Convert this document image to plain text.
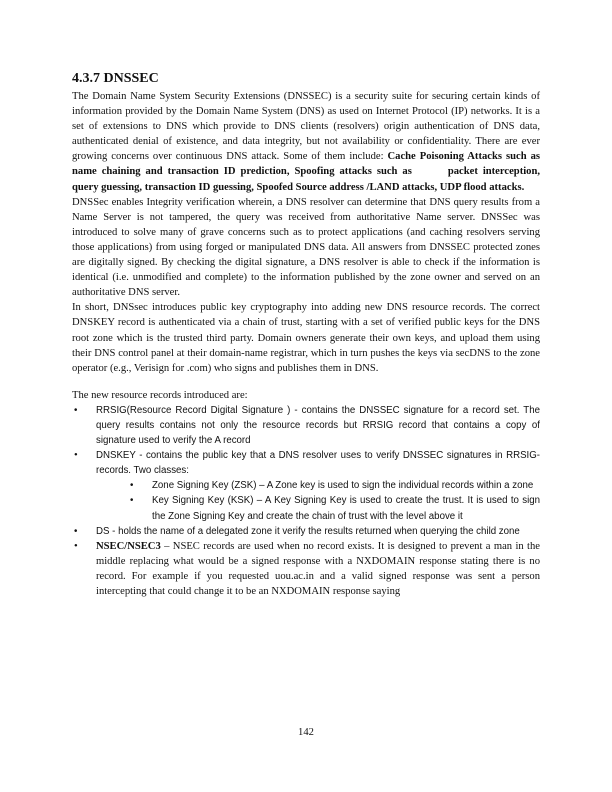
4.3.7 DNSSEC

The Domain Name System Security Extensions (DNSSEC) is a security suite for securing certain kinds of information provided by the Domain Name System (DNS) as used on Internet Protocol (IP) networks. It is a set of extensions to DNS which provide to DNS clients (resolvers) origin authentication of DNS data, authenticated denial of existence, and data integrity, but not availability or confidentiality. There are ever growing concerns over continuous DNS attack. Some of them include: Cache Poisoning Attacks such as name chaining and transaction ID prediction, Spoofing attacks such as	packet interception, query guessing, transaction ID guessing, Spoofed Source address /LAND attacks, UDP flood attacks.

DNSSec enables Integrity verification wherein, a DNS resolver can determine that DNS query results from a Name Server is not tampered, the query was received from authoritative Name server. DNSSec was introduced to solve many of grave concerns such as to protect applications (and caching resolvers serving those applications) from using forged or manipulated DNS data. All answers from DNSSEC protected zones are digitally signed. By checking the digital signature, a DNS resolver is able to check if the information is identical (i.e. unmodified and complete) to the information published by the zone owner and served on an authoritative DNS server.

In short, DNSsec introduces public key cryptography into adding new DNS resource records. The correct DNSKEY record is authenticated via a chain of trust, starting with a set of verified public keys for the DNS root zone which is the trusted third party. Domain owners generate their own keys, and upload them using their DNS control panel at their domain-name registrar, which in turn pushes the keys via secDNS to the zone operator (e.g., Verisign for .com) who signs and publishes them in DNS.

The new resource records introduced are:

• RRSIG(Resource Record Digital Signature ) - contains the DNSSEC signature for a record set. The query results contains not only the resource records but RRSIG record that contains a copy of signature used to verify the A record
• DNSKEY - contains the public key that a DNS resolver uses to verify DNSSEC signatures in RRSIG-records. Two classes:
• Zone Signing Key (ZSK) – A Zone key is used to sign the individual records within a zone
• Key Signing Key (KSK) – A Key Signing Key is used to create the trust. It is used to sign the Zone Signing Key and create the chain of trust with the level above it
• DS - holds the name of a delegated zone it verify the results returned when querying the child zone
• NSEC/NSEC3 – NSEC records are used when no record exists. It is designed to prevent a man in the middle replacing what would be a signed response with a NXDOMAIN response stating there is no record. For example if you requested uou.ac.in and a valid signed response was sent a person intercepting that could change it to be an NXDOMAIN response saying
142
